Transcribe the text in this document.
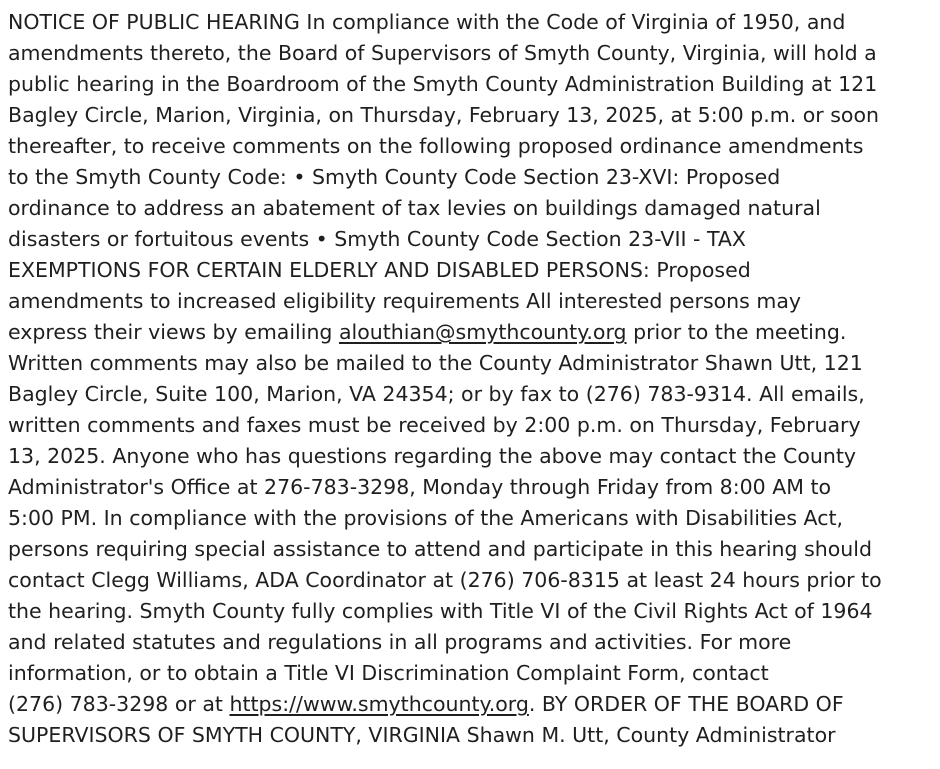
NOTICE OF PUBLIC HEARING In compliance with the Code of Virginia of 1950, and
amendments thereto, the Board of Supervisors of Smyth County, Virginia, will hold a
public hearing in the Boardroom of the Smyth County Administration Building at 121
Bagley Circle, Marion, Virginia, on Thursday, February 13, 2025, at 5:00 p.m. or soon
thereafter, to receive comments on the following proposed ordinance amendments
to the Smyth County Code: • Smyth County Code Section 23-XVI: Proposed
ordinance to address an abatement of tax levies on buildings damaged natural
disasters or fortuitous events • Smyth County Code Section 23-VII - TAX
EXEMPTIONS FOR CERTAIN ELDERLY AND DISABLED PERSONS: Proposed
amendments to increased eligibility requirements All interested persons may
express their views by emailing alouthian@smythcounty.org prior to the meeting.
Written comments may also be mailed to the County Administrator Shawn Utt, 121
Bagley Circle, Suite 100, Marion, VA 24354; or by fax to (276) 783-9314. All emails,
written comments and faxes must be received by 2:00 p.m. on Thursday, February
13, 2025. Anyone who has questions regarding the above may contact the County
Administrator's Office at 276-783-3298, Monday through Friday from 8:00 AM to
5:00 PM. In compliance with the provisions of the Americans with Disabilities Act,
persons requiring special assistance to attend and participate in this hearing should
contact Clegg Williams, ADA Coordinator at (276) 706-8315 at least 24 hours prior to
the hearing. Smyth County fully complies with Title VI of the Civil Rights Act of 1964
and related statutes and regulations in all programs and activities. For more
information, or to obtain a Title VI Discrimination Complaint Form, contact
(276) 783-3298 or at https://www.smythcounty.org. BY ORDER OF THE BOARD OF
SUPERVISORS OF SMYTH COUNTY, VIRGINIA Shawn M. Utt, County Administrator
